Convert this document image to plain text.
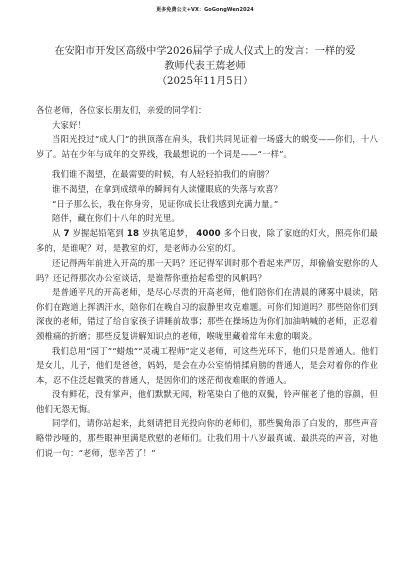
更多免费公文+VX：GoGongWen2024
在安阳市开发区高级中学2026届学子成人仪式上的发言：一样的爱
教师代表王蔫老师
（2025年11月5日）

各位老师，各位家长朋友们，亲爱的同学们：

大家好！

当阳光投过“成人门”的拱顶落在肩头，我们共同见证着一场盛大的蜕变——你们，十八岁了。站在少年与成年的交界线，我最想说的一个词是——“一样”。

我们谁不渴望，在最需要的时候，有人轻轻拍我们的肩膀？

谁不渴望，在拿到成绩单的瞬间有人读懂眼底的失落与欢喜？

“日子那么长，我在你身旁，见证你成长让我感到充满力量。”

陪伴，藏在你们十八年的时光里。

从 7 岁握起铅笔到 18 岁执笔追梦， 4000 多个日夜，除了家庭的灯火，照亮你们最多的，是谁呢？对，是教室的灯，是老师办公室的灯。

还记得两年前进入开高的那一天吗？还记得军训时那个看起来严厉，却偷偷安慰你的人吗？还记得那次办公室谈话，是谁帮你重拾起希望的风帆吗？

是普通平凡的开高老师，是尽心尽责的开高老师，他们陪你们在清晨的薄雾中晨读，陪你们在跑道上挥洒汗水，陪你们在晚自习的寂静里攻克难题。可你们知道吗？那些陪你们到深夜的老师，错过了给自家孩子讲睡前故事；那些在操场边为你们加油呐喊的老师，正忍着颈椎痛的折磨；那些反复讲解知识点的老师，喉咙里藏着常年未愈的咽炎。

我们总用“园丁”“蜡烛”“灵魂工程师”定义老师，可这些光环下，他们只是普通人。他们是女儿，儿子，他们是爸爸，妈妈，是会在办公室悄悄揉肩膀的普通人，是会对着你的作业本，忍不住泛起微笑的普通人，是因你们的迷茫彻夜难眠的普通人。

没有鲜花，没有掌声，他们默默无闻，粉笔染白了他的双鬓，铃声催老了他的容颜，但他们无怨无悔。

同学们，请你站起来，此刻请把目光投向你的老师们，那些鬓角添了白发的，那些声音略带沙哑的，那些眼神里满是欣慰的老师们。让我们用十八岁最真诚、最洪亮的声音，对他们说一句：“老师，您辛苦了！”
